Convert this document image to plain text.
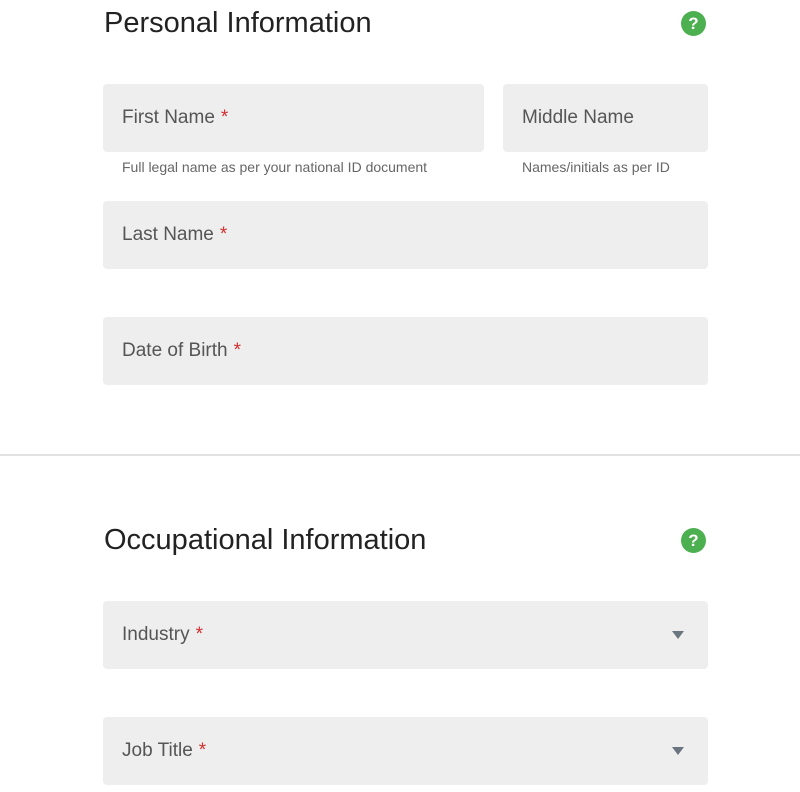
Personal Information	?
First Name *
Full legal name as per your national ID document
Middle Name
Names/initials as per ID
Last Name *
Date of Birth *
Occupational Information	?
Industry *
Job Title *
